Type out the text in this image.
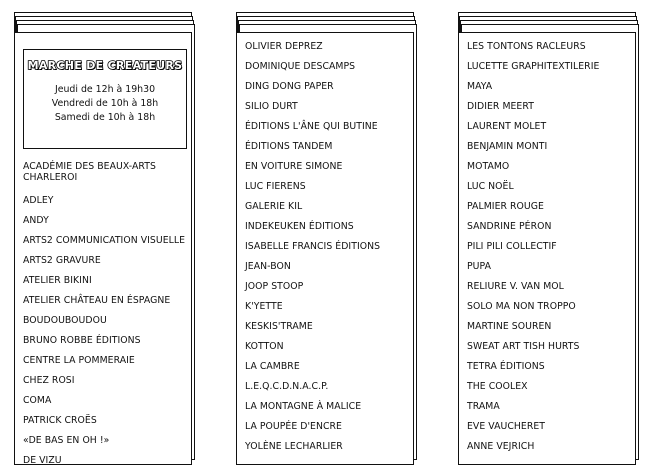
MARCHE DE CREATEURS
Jeudi de 12h à 19h30
Vendredi de 10h à 18h
Samedi de 10h à 18h
ACADÉMIE DES BEAUX-ARTS CHARLEROI
ADLEY
ANDY
ARTS2 COMMUNICATION VISUELLE
ARTS2 GRAVURE
ATELIER BIKINI
ATELIER CHÂTEAU EN ÉSPAGNE
BOUDOUBOUDOU
BRUNO ROBBE ÉDITIONS
CENTRE LA POMMERAIE
CHEZ ROSI
COMA
PATRICK CROËS
«DE BAS EN OH !»
DE VIZU
OLIVIER DEPREZ
DOMINIQUE DESCAMPS
DING DONG PAPER
SILIO DURT
ÉDITIONS L'ÂNE QUI BUTINE
ÉDITIONS TANDEM
EN VOITURE SIMONE
LUC FIERENS
GALERIE KIL
INDEKEUKEN ÉDITIONS
ISABELLE FRANCIS ÉDITIONS
JEAN-BON
JOOP STOOP
K'YETTE
KESKIS'TRAME
KOTTON
LA CAMBRE
L.E.Q.C.D.N.A.C.P.
LA MONTAGNE À MALICE
LA POUPÉE D'ENCRE
YOLÈNE LECHARLIER
LES TONTONS RACLEURS
LUCETTE GRAPHITEXTILERIE
MAYA
DIDIER MEERT
LAURENT MOLET
BENJAMIN MONTI
MOTAMO
LUC NOËL
PALMIER ROUGE
SANDRINE PÉRON
PILI PILI COLLECTIF
PUPA
RELIURE V. VAN MOL
SOLO MA NON TROPPO
MARTINE SOUREN
SWEAT ART TISH HURTS
TETRA ÉDITIONS
THE COOLEX
TRAMA
EVE VAUCHERET
ANNE VEJRICH
